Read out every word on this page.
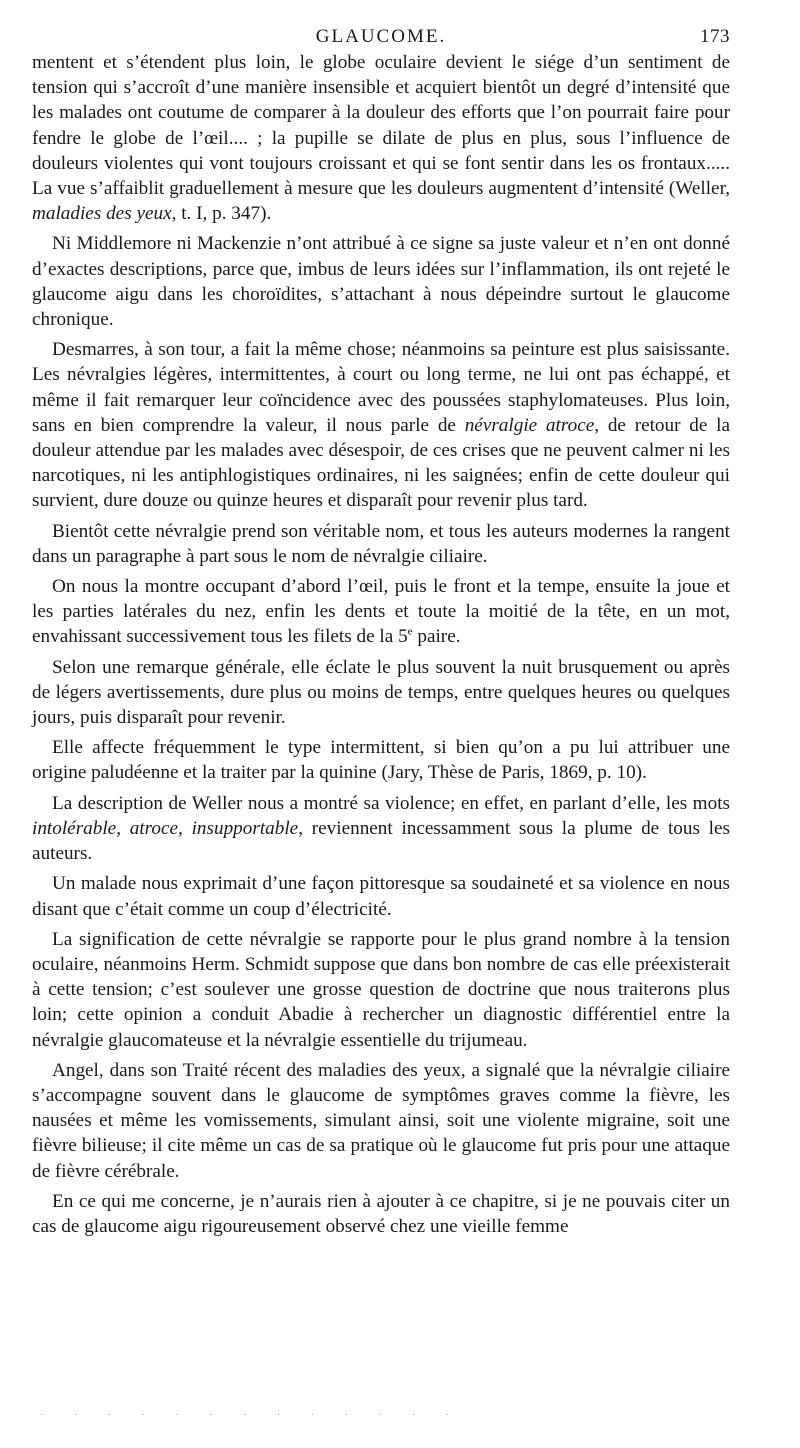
GLAUCOME.	173

mentent et s’étendent plus loin, le globe oculaire devient le siége d’un sentiment de tension qui s’accroît d’une manière insensible et acquiert bientôt un degré d’intensité que les malades ont coutume de comparer à la douleur des efforts que l’on pourrait faire pour fendre le globe de l’œil.... ; la pupille se dilate de plus en plus, sous l’influence de douleurs violentes qui vont toujours croissant et qui se font sentir dans les os frontaux..... La vue s’affaiblit graduellement à mesure que les douleurs augmentent d’intensité (Weller, maladies des yeux, t. I, p. 347).

Ni Middlemore ni Mackenzie n’ont attribué à ce signe sa juste valeur et n’en ont donné d’exactes descriptions, parce que, imbus de leurs idées sur l’inflammation, ils ont rejeté le glaucome aigu dans les choroïdites, s’attachant à nous dépeindre surtout le glaucome chronique.

Desmarres, à son tour, a fait la même chose; néanmoins sa peinture est plus saisissante. Les névralgies légères, intermittentes, à court ou long terme, ne lui ont pas échappé, et même il fait remarquer leur coïncidence avec des poussées staphylomateuses. Plus loin, sans en bien comprendre la valeur, il nous parle de névralgie atroce, de retour de la douleur attendue par les malades avec désespoir, de ces crises que ne peuvent calmer ni les narcotiques, ni les antiphlogistiques ordinaires, ni les saignées; enfin de cette douleur qui survient, dure douze ou quinze heures et disparaît pour revenir plus tard.

Bientôt cette névralgie prend son véritable nom, et tous les auteurs modernes la rangent dans un paragraphe à part sous le nom de névralgie ciliaire.

On nous la montre occupant d’abord l’œil, puis le front et la tempe, ensuite la joue et les parties latérales du nez, enfin les dents et toute la moitié de la tête, en un mot, envahissant successivement tous les filets de la 5e paire.

Selon une remarque générale, elle éclate le plus souvent la nuit brusquement ou après de légers avertissements, dure plus ou moins de temps, entre quelques heures ou quelques jours, puis disparaît pour revenir.

Elle affecte fréquemment le type intermittent, si bien qu’on a pu lui attribuer une origine paludéenne et la traiter par la quinine (Jary, Thèse de Paris, 1869, p. 10).

La description de Weller nous a montré sa violence; en effet, en parlant d’elle, les mots intolérable, atroce, insupportable, reviennent incessamment sous la plume de tous les auteurs.

Un malade nous exprimait d’une façon pittoresque sa soudaineté et sa violence en nous disant que c’était comme un coup d’électricité.

La signification de cette névralgie se rapporte pour le plus grand nombre à la tension oculaire, néanmoins Herm. Schmidt suppose que dans bon nombre de cas elle préexisterait à cette tension; c’est soulever une grosse question de doctrine que nous traiterons plus loin; cette opinion a conduit Abadie à rechercher un diagnostic différentiel entre la névralgie glaucomateuse et la névralgie essentielle du trijumeau.

Angel, dans son Traité récent des maladies des yeux, a signalé que la névralgie ciliaire s’accompagne souvent dans le glaucome de symptômes graves comme la fièvre, les nausées et même les vomissements, simulant ainsi, soit une violente migraine, soit une fièvre bilieuse; il cite même un cas de sa pratique où le glaucome fut pris pour une attaque de fièvre cérébrale.

En ce qui me concerne, je n’aurais rien à ajouter à ce chapitre, si je ne pouvais citer un cas de glaucome aigu rigoureusement observé chez une vieille femme

· · · · · · · · · · · · ·
